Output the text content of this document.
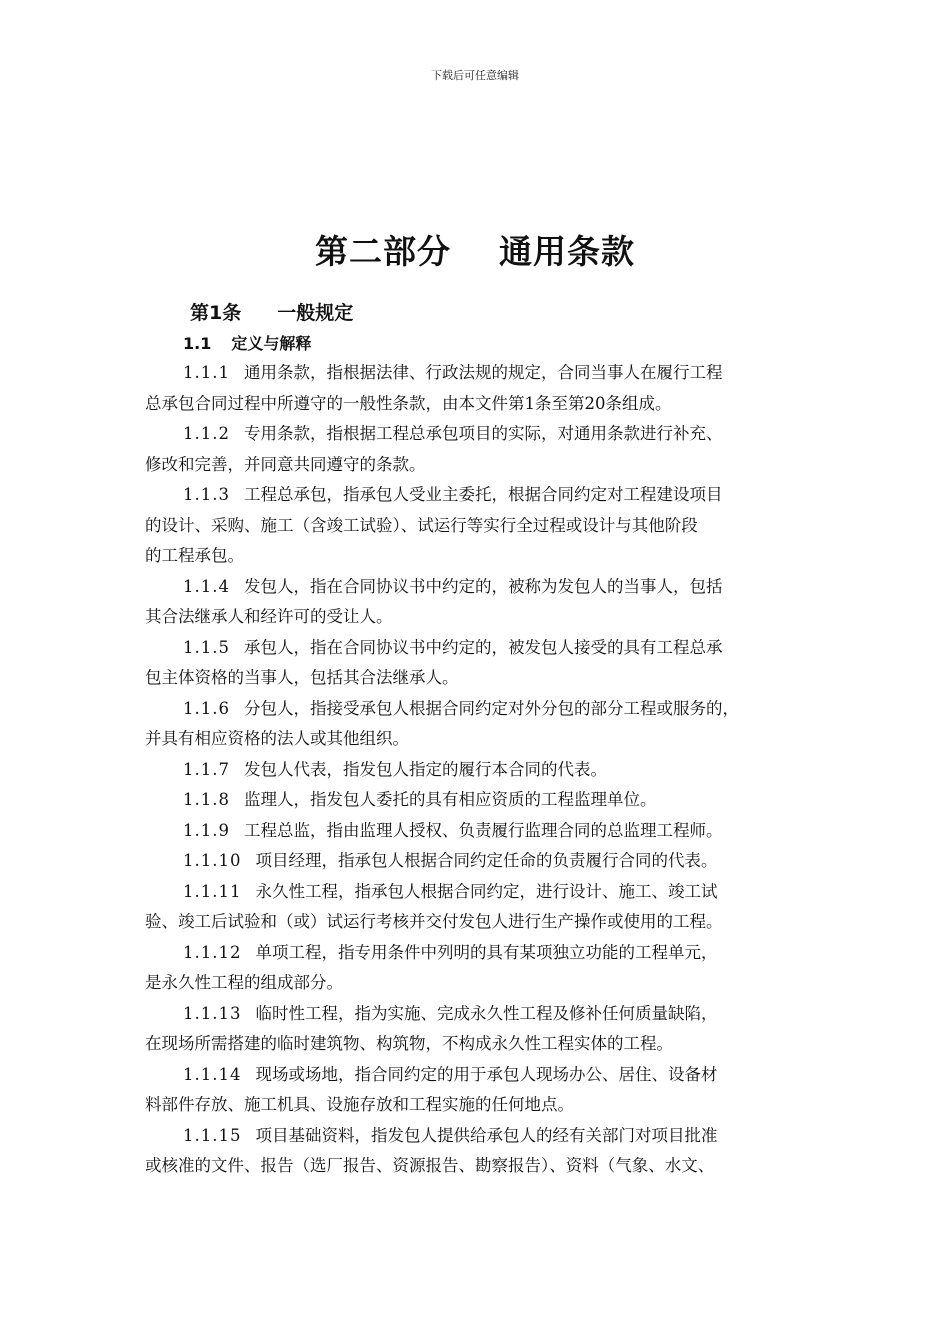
下载后可任意编辑
第二部分 通用条款
第1条 一般规定
1.1 定义与解释
1.1.1 通用条款，指根据法律、行政法规的规定，合同当事人在履行工程
总承包合同过程中所遵守的一般性条款，由本文件第1条至第20条组成。
1.1.2 专用条款，指根据工程总承包项目的实际，对通用条款进行补充、
修改和完善，并同意共同遵守的条款。
1.1.3 工程总承包，指承包人受业主委托，根据合同约定对工程建设项目
的设计、采购、施工（含竣工试验）、试运行等实行全过程或设计与其他阶段
的工程承包。
1.1.4 发包人，指在合同协议书中约定的，被称为发包人的当事人，包括
其合法继承人和经许可的受让人。
1.1.5 承包人，指在合同协议书中约定的，被发包人接受的具有工程总承
包主体资格的当事人，包括其合法继承人。
1.1.6 分包人，指接受承包人根据合同约定对外分包的部分工程或服务的，
并具有相应资格的法人或其他组织。
1.1.7 发包人代表，指发包人指定的履行本合同的代表。
1.1.8 监理人，指发包人委托的具有相应资质的工程监理单位。
1.1.9 工程总监，指由监理人授权、负责履行监理合同的总监理工程师。
1.1.10 项目经理，指承包人根据合同约定任命的负责履行合同的代表。
1.1.11 永久性工程，指承包人根据合同约定，进行设计、施工、竣工试
验、竣工后试验和（或）试运行考核并交付发包人进行生产操作或使用的工程。
1.1.12 单项工程，指专用条件中列明的具有某项独立功能的工程单元，
是永久性工程的组成部分。
1.1.13 临时性工程，指为实施、完成永久性工程及修补任何质量缺陷，
在现场所需搭建的临时建筑物、构筑物，不构成永久性工程实体的工程。
1.1.14 现场或场地，指合同约定的用于承包人现场办公、居住、设备材
料部件存放、施工机具、设施存放和工程实施的任何地点。
1.1.15 项目基础资料，指发包人提供给承包人的经有关部门对项目批准
或核准的文件、报告（选厂报告、资源报告、勘察报告）、资料（气象、水文、
